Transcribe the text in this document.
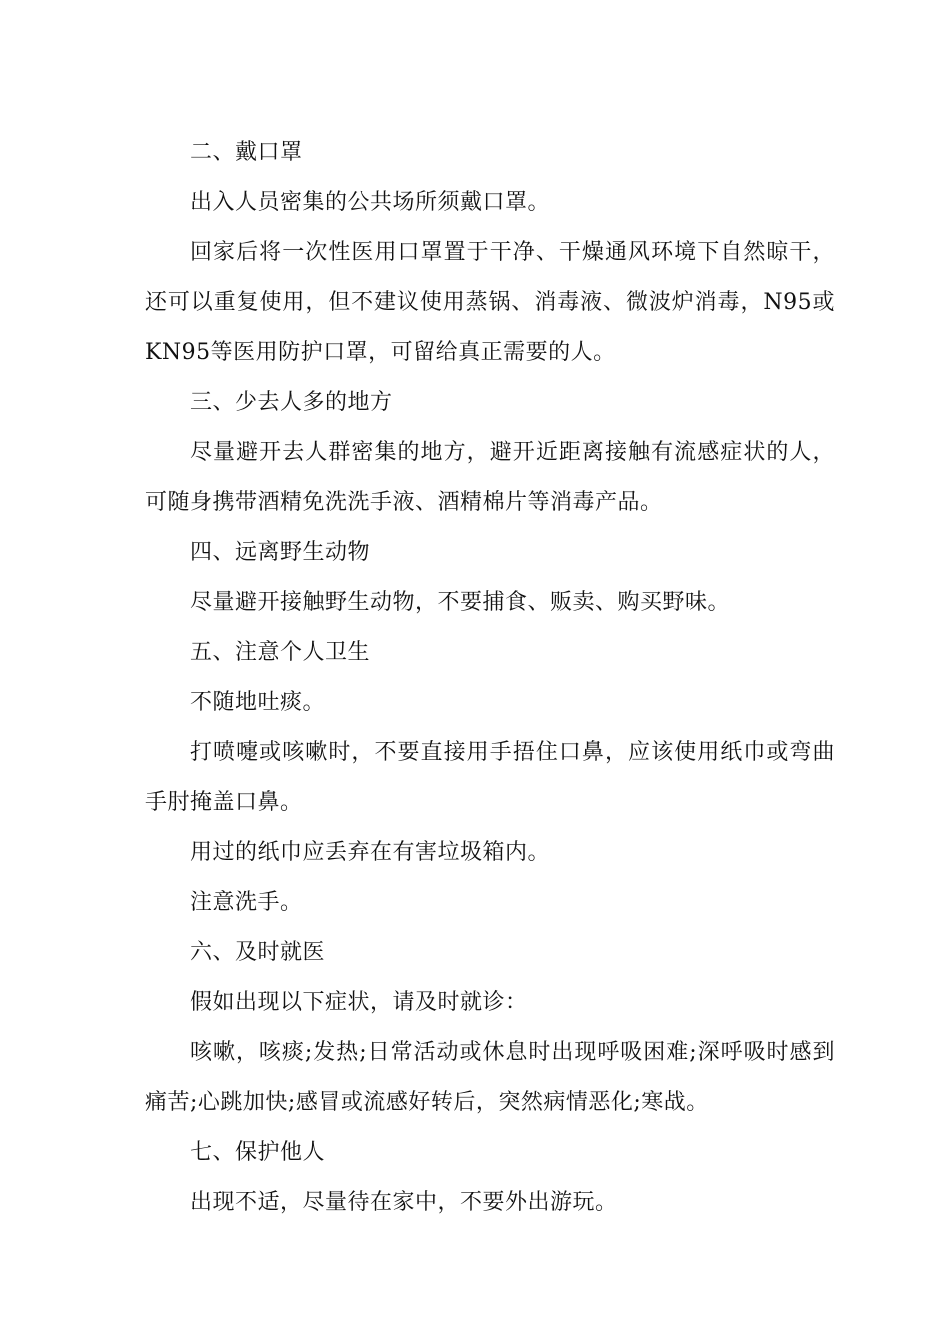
二、戴口罩

出入人员密集的公共场所须戴口罩。

回家后将一次性医用口罩置于干净、干燥通风环境下自然晾干，还可以重复使用，但不建议使用蒸锅、消毒液、微波炉消毒，N95或KN95等医用防护口罩，可留给真正需要的人。

三、少去人多的地方

尽量避开去人群密集的地方，避开近距离接触有流感症状的人，可随身携带酒精免洗洗手液、酒精棉片等消毒产品。

四、远离野生动物

尽量避开接触野生动物，不要捕食、贩卖、购买野味。

五、注意个人卫生

不随地吐痰。

打喷嚏或咳嗽时，不要直接用手捂住口鼻，应该使用纸巾或弯曲手肘掩盖口鼻。

用过的纸巾应丢弃在有害垃圾箱内。

注意洗手。

六、及时就医

假如出现以下症状，请及时就诊：

咳嗽，咳痰;发热;日常活动或休息时出现呼吸困难;深呼吸时感到痛苦;心跳加快;感冒或流感好转后，突然病情恶化;寒战。

七、保护他人

出现不适，尽量待在家中，不要外出游玩。
